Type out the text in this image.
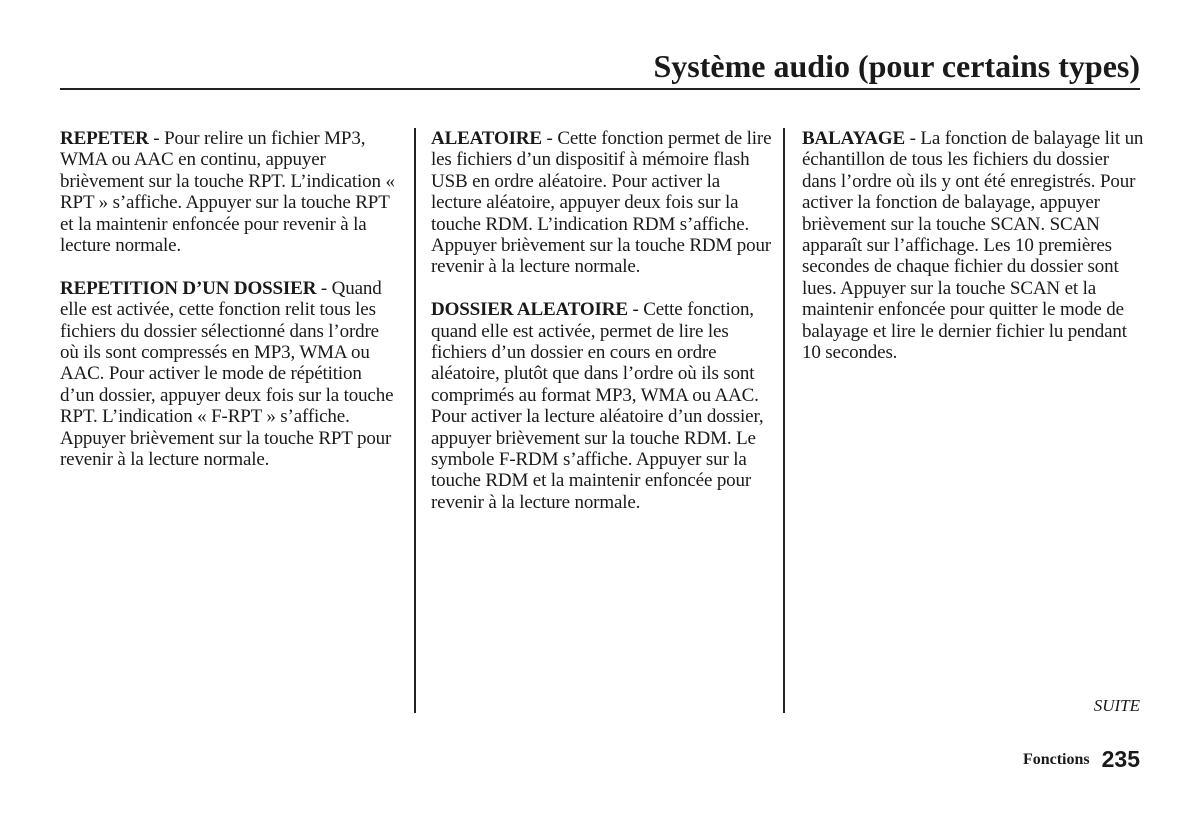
Système audio (pour certains types)

REPETER - Pour relire un fichier MP3, WMA ou AAC en continu, appuyer brièvement sur la touche RPT. L’indication « RPT » s’affiche. Appuyer sur la touche RPT et la maintenir enfoncée pour revenir à la lecture normale.

REPETITION D’UN DOSSIER - Quand elle est activée, cette fonction relit tous les fichiers du dossier sélectionné dans l’ordre où ils sont compressés en MP3, WMA ou AAC. Pour activer le mode de répétition d’un dossier, appuyer deux fois sur la touche RPT. L’indication « F-RPT » s’affiche. Appuyer brièvement sur la touche RPT pour revenir à la lecture normale.

ALEATOIRE - Cette fonction permet de lire les fichiers d’un dispositif à mémoire flash USB en ordre aléatoire. Pour activer la lecture aléatoire, appuyer deux fois sur la touche RDM. L’indication RDM s’affiche. Appuyer brièvement sur la touche RDM pour revenir à la lecture normale.

DOSSIER ALEATOIRE - Cette fonction, quand elle est activée, permet de lire les fichiers d’un dossier en cours en ordre aléatoire, plutôt que dans l’ordre où ils sont comprimés au format MP3, WMA ou AAC. Pour activer la lecture aléatoire d’un dossier, appuyer brièvement sur la touche RDM. Le symbole F-RDM s’affiche. Appuyer sur la touche RDM et la maintenir enfoncée pour revenir à la lecture normale.

BALAYAGE - La fonction de balayage lit un échantillon de tous les fichiers du dossier dans l’ordre où ils y ont été enregistrés. Pour activer la fonction de balayage, appuyer brièvement sur la touche SCAN. SCAN apparaît sur l’affichage. Les 10 premières secondes de chaque fichier du dossier sont lues. Appuyer sur la touche SCAN et la maintenir enfoncée pour quitter le mode de balayage et lire le dernier fichier lu pendant 10 secondes.

SUITE
Fonctions 235
